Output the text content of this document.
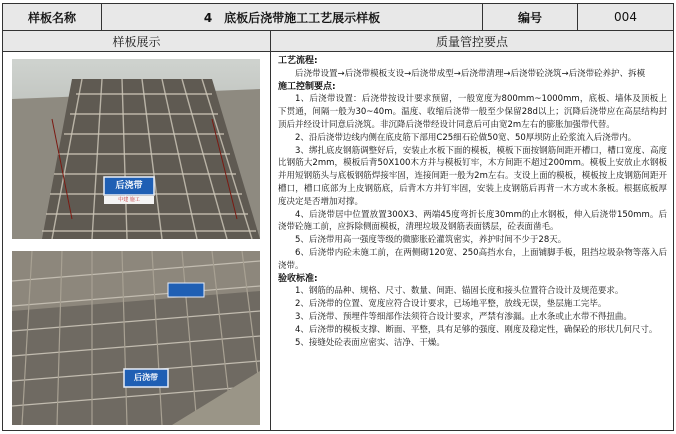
样板名称	4　底板后浇带施工工艺展示样板	编号	004
样板展示	质量管控要点
后浇带
中建 施工
后浇带

工艺流程:

后浇带设置→后浇带模板支设→后浇带成型→后浇带清理→后浇带砼浇筑→后浇带砼养护、拆模

施工控制要点:

1、后浇带设置：后浇带按设计要求预留，一般宽度为800mm~1000mm，底板、墙体及顶板上下贯通，间隔一般为30~40m。温度、收缩后浇带一般至少保留28d以上；沉降后浇带应在高层结构封顶后并经设计同意后浇筑。非沉降后浇带经设计同意后可由宽2m左右的膨胀加强带代替。

2、沿后浇带边线内侧在底皮筋下部用C25细石砼做50宽、50厚坝防止砼浆流入后浇带内。

3、绑扎底皮钢筋调整好后，安装止水板下面的模板，模板下面按钢筋间距开槽口，槽口宽度、高度比钢筋大2mm，模板后背50X100木方并与模板钉牢，木方间距不超过200mm。模板上安放止水钢板并用短钢筋头与底板钢筋焊接牢固，连接间距一般为2m左右。支设上面的模板，模板按上皮钢筋间距开槽口，槽口底部为上皮钢筋底，后背木方并钉牢固，安装上皮钢筋后再背一木方或木条板。根据底板厚度决定是否增加对撑。

4、后浇带居中位置放置300X3、两端45度弯折长度30mm的止水钢板，伸入后浇带150mm。后浇带砼施工前，应拆除侧面模板，清理垃圾及钢筋表面锈层，砼表面凿毛。

5、后浇带用高一强度等级的微膨胀砼灌筑密实，养护时间不少于28天。

6、后浇带内砼未施工前，在两侧砌120宽、250高挡水台，上面铺脚手板，阻挡垃圾杂物等落入后浇带。

验收标准:

1、钢筋的品种、规格、尺寸、数量、间距、锚固长度和接头位置符合设计及规范要求。

2、后浇带的位置、宽度应符合设计要求，已场地平整，放线无误，垫层施工完毕。

3、后浇带、预埋件等细部作法须符合设计要求，严禁有渗漏。止水条或止水带不得扭曲。

4、后浇带的模板支撑、断面、平整，具有足够的强度、刚度及稳定性，确保砼的形状几何尺寸。

5、接缝处砼表面应密实、洁净、干燥。
